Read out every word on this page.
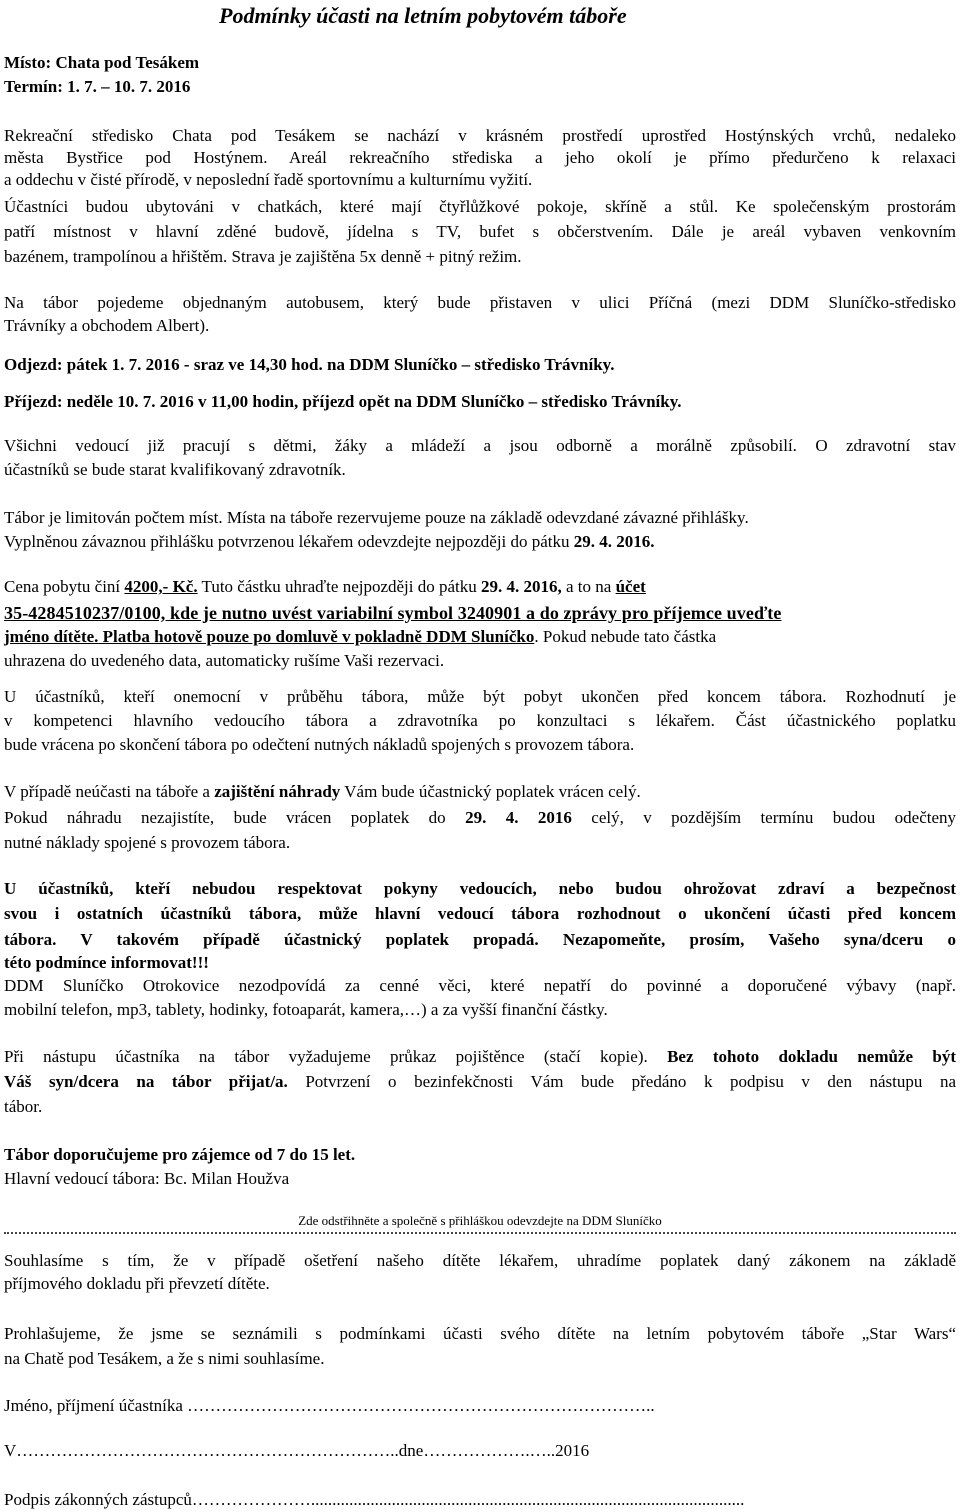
Podmínky účasti na letním pobytovém táboře
Místo: Chata pod Tesákem
Termín: 1. 7. – 10. 7. 2016
Rekreační středisko Chata pod Tesákem se nachází v krásném prostředí uprostřed Hostýnských vrchů, nedaleko
města Bystřice pod Hostýnem. Areál rekreačního střediska a jeho okolí je přímo předurčeno k relaxaci
a oddechu v čisté přírodě, v neposlední řadě sportovnímu a kulturnímu vyžití.
Účastníci budou ubytováni v chatkách, které mají čtyřlůžkové pokoje, skříně a stůl. Ke společenským prostorám
patří místnost v hlavní zděné budově, jídelna s TV, bufet s občerstvením. Dále je areál vybaven venkovním
bazénem, trampolínou a hřištěm. Strava je zajištěna 5x denně + pitný režim.
Na tábor pojedeme objednaným autobusem, který bude přistaven v ulici Příčná (mezi DDM Sluníčko-středisko
Trávníky a obchodem Albert).
Odjezd: pátek 1. 7. 2016 - sraz ve 14,30 hod. na DDM Sluníčko – středisko Trávníky.
Příjezd: neděle 10. 7. 2016 v 11,00 hodin, příjezd opět na DDM Sluníčko – středisko Trávníky.
Všichni vedoucí již pracují s dětmi, žáky a mládeží a jsou odborně a morálně způsobilí. O zdravotní stav
účastníků se bude starat kvalifikovaný zdravotník.
Tábor je limitován počtem míst. Místa na táboře rezervujeme pouze na základě odevzdané závazné přihlášky.
Vyplněnou závaznou přihlášku potvrzenou lékařem odevzdejte nejpozději do pátku 29. 4. 2016.
Cena pobytu činí 4200,- Kč. Tuto částku uhraďte nejpozději do pátku 29. 4. 2016, a to na účet
35-4284510237/0100, kde je nutno uvést variabilní symbol 3240901 a do zprávy pro příjemce uveďte
jméno dítěte. Platba hotově pouze po domluvě v pokladně DDM Sluníčko. Pokud nebude tato částka
uhrazena do uvedeného data, automaticky rušíme Vaši rezervaci.
U účastníků, kteří onemocní v průběhu tábora, může být pobyt ukončen před koncem tábora. Rozhodnutí je
v kompetenci hlavního vedoucího tábora a zdravotníka po konzultaci s lékařem. Část účastnického poplatku
bude vrácena po skončení tábora po odečtení nutných nákladů spojených s provozem tábora.
V případě neúčasti na táboře a zajištění náhrady Vám bude účastnický poplatek vrácen celý.
Pokud náhradu nezajistíte, bude vrácen poplatek do 29. 4. 2016 celý, v pozdějším termínu budou odečteny
nutné náklady spojené s provozem tábora.
U účastníků, kteří nebudou respektovat pokyny vedoucích, nebo budou ohrožovat zdraví a bezpečnost
svou i ostatních účastníků tábora, může hlavní vedoucí tábora rozhodnout o ukončení účasti před koncem
tábora. V takovém případě účastnický poplatek propadá. Nezapomeňte, prosím, Vašeho syna/dceru o
této podmínce informovat!!!
DDM Sluníčko Otrokovice nezodpovídá za cenné věci, které nepatří do povinné a doporučené výbavy (např.
mobilní telefon, mp3, tablety, hodinky, fotoaparát, kamera,…) a za vyšší finanční částky.
Při nástupu účastníka na tábor vyžadujeme průkaz pojištěnce (stačí kopie). Bez tohoto dokladu nemůže být
Váš syn/dcera na tábor přijat/a. Potvrzení o bezinfekčnosti Vám bude předáno k podpisu v den nástupu na
tábor.
Tábor doporučujeme pro zájemce od 7 do 15 let.
Hlavní vedoucí tábora: Bc. Milan Houžva
Zde odstřihněte a společně s přihláškou odevzdejte na DDM Sluníčko
Souhlasíme s tím, že v případě ošetření našeho dítěte lékařem, uhradíme poplatek daný zákonem na základě
příjmového dokladu při převzetí dítěte.
Prohlašujeme, že jsme se seznámili s podmínkami účasti svého dítěte na letním pobytovém táboře „Star Wars“
na Chatě pod Tesákem, a že s nimi souhlasíme.
Jméno, příjmení účastníka ………………………………………………………………………..
V…………………………………………………………..dne……………….…..2016
Podpis zákonných zástupců…………………......................................................................................................
